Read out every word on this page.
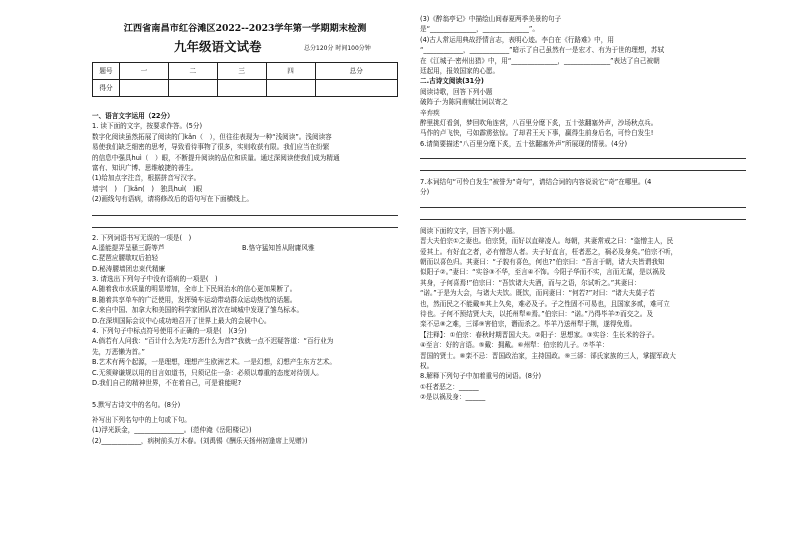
江西省南昌市红谷滩区2022--2023学年第一学期期末检测
九年级语文试卷	总分120分 时间100分钟
题号	一	二	三	四	总分
得分					

一、语言文字运用（22分）

1. 读下面的文字，按要求作答。(5分)

数字化阅读虽然拓展了阅读的门kǎn（　），但往往表现为一种“浅阅读”。浅阅读容

易使我们缺乏细密的思考，导致看待事物了很多，实则收获有限。我们应当在纷繁

的信息中强具huì（　）眼，不断提升阅读的品位和质量。通过深阅读使我们成为精通

富有、知识广博、思维敏捷的善生。

(1)给加点字注音，根据拼音写汉字。

墙宇(　)　门kǎn(　)　独具huì(　)眼

(2)画线句有语病，请将修改后的语句写在下面横线上。

2. 下列词语书写无误的一项是(　)

A.遥能提弄呈骚三蔚等芦	B.恪守猛知旨从附庸风雅

C.琵琶应腰歇叹后拍轻

D.秘涛腰墙团忠束代精廉

3. 请选出下列句子中没有语病的一项是(　)

A.随着我市水质量的明显增加，全市上下民间治水的信心更加果断了。

B.随着共享单车的广泛使用，发挥骑车运动带动群众运动热忱的话题。

C.来自中国、加拿大和美国的科学家团队首次在域城中发现了雏鸟标本。

D.在深圳国际会议中心成功地召开了世界上最大的会展中心。

4. 下列句子中标点符号使用不正确的一项是(　)(3分)

A.倘若有人问我：“百计什么为先?方恶什么为首?”我就一点不迟疑答道：“百行业为

先，万恶懒为首。”

B.艺术有两个起源，一是理想，理想产生欧洲艺术。一是幻想，幻想产生东方艺术。

C.无须辩谦规以用的目言如道书，只须记住一条：必须以尊重的态度对待别人。

D.我们自己的精神世界，不在着自己，可是谁能呢?

5.默写古诗文中的名句。(8分)

补写出下列名句中的上句或下句。

(1)浮光跃金，_______________。(范仲淹《岳阳楼记》)

(2)____________，病树前头万木春。(刘禹锡《酬乐天扬州初逢席上见赠》)

(3)《醉翁亭记》中描绘山间春夏两季美景的句子

是“______________，______________”。

(4)古人常运用典故抒情言志，表明心迹。李白在《行路难》中，用

“____________，____________”暗示了自己虽然有一是宏才、有为于世的理想，苏轼

在《江城子·密州出猎》中，用“______________，______________”表达了自己被朝

廷起用，报效国家的心愿。

二.古诗文阅读(31分)

阅读诗歌，回答下列小题

破阵子·为陈同甫赋壮词以寄之

辛弃疾

醉里挑灯看剑，梦回吹角连营，八百里分麾下炙，五十弦翻塞外声，沙场秋点兵。

马作的卢飞快，弓如霹雳弦惊。了却君王天下事，赢得生前身后名，可怜白发生!

6.请简要描述“八百里分麾下炙，五十弦翻塞外声”所展现的情景。(4分)

7.本词结句“可怜白发生”被誉为“奇句”，请结合词的内容说说它“奇”在哪里。(4

分)

阅读下面的文字，回答下列小题。

晋大夫伯宗①之妻也。伯宗贤，而好以直辩凌人。每朝，其妻常戒之曰：“盗憎主人，民

爱其上。有好直之者，必有憎怨人者。夫子好直言，枉者恶之，祸必及身矣。”伯宗不听，

朝而以喜色归。其妻曰：“子貌有喜色，何也?”伯宗曰：“吾言于朝，诸大夫皆谓我知

似阳子②。”妻曰：“实谷③不华，至言④不饰。今阳子华而不实，言而无谋，是以祸及

其身，子何喜焉!”伯宗曰：“吾饮诸大夫酒，而与之语，尔试听之。”其妻曰：

“诺。”于是为大会，与诸大夫饮。既饮，而问妻曰：“何若?”对曰：“诸大夫莫子若

也，然而民之不能戴⑤其上久矣，难必及子。子之性固不可易也，且国家多贰，难可立

待也。子何不预结贤大夫，以托州犁⑥焉。”伯宗曰：“诺。”乃得毕羊⑦而交之。及

栾不忌⑧之难，三郤⑨害伯宗，谮而杀之。毕羊乃送州犁于荆，遂得免焉。

【注释】：①伯宗：春秋时期晋国大夫。②阳子：思想家。③实谷：生长米的谷子。

④至言：好的言语。⑤戴：拥戴。⑥州犁：伯宗的儿子。⑦毕羊：

晋国的贤士。⑧栾不忌：晋国政治家，主持国政。⑨三郤：郤氏家族的三人，掌握军政大

权。

8.解释下列句子中加着重号的词语。(8分)

①枉者恶之：______

②是以祸及身：______
